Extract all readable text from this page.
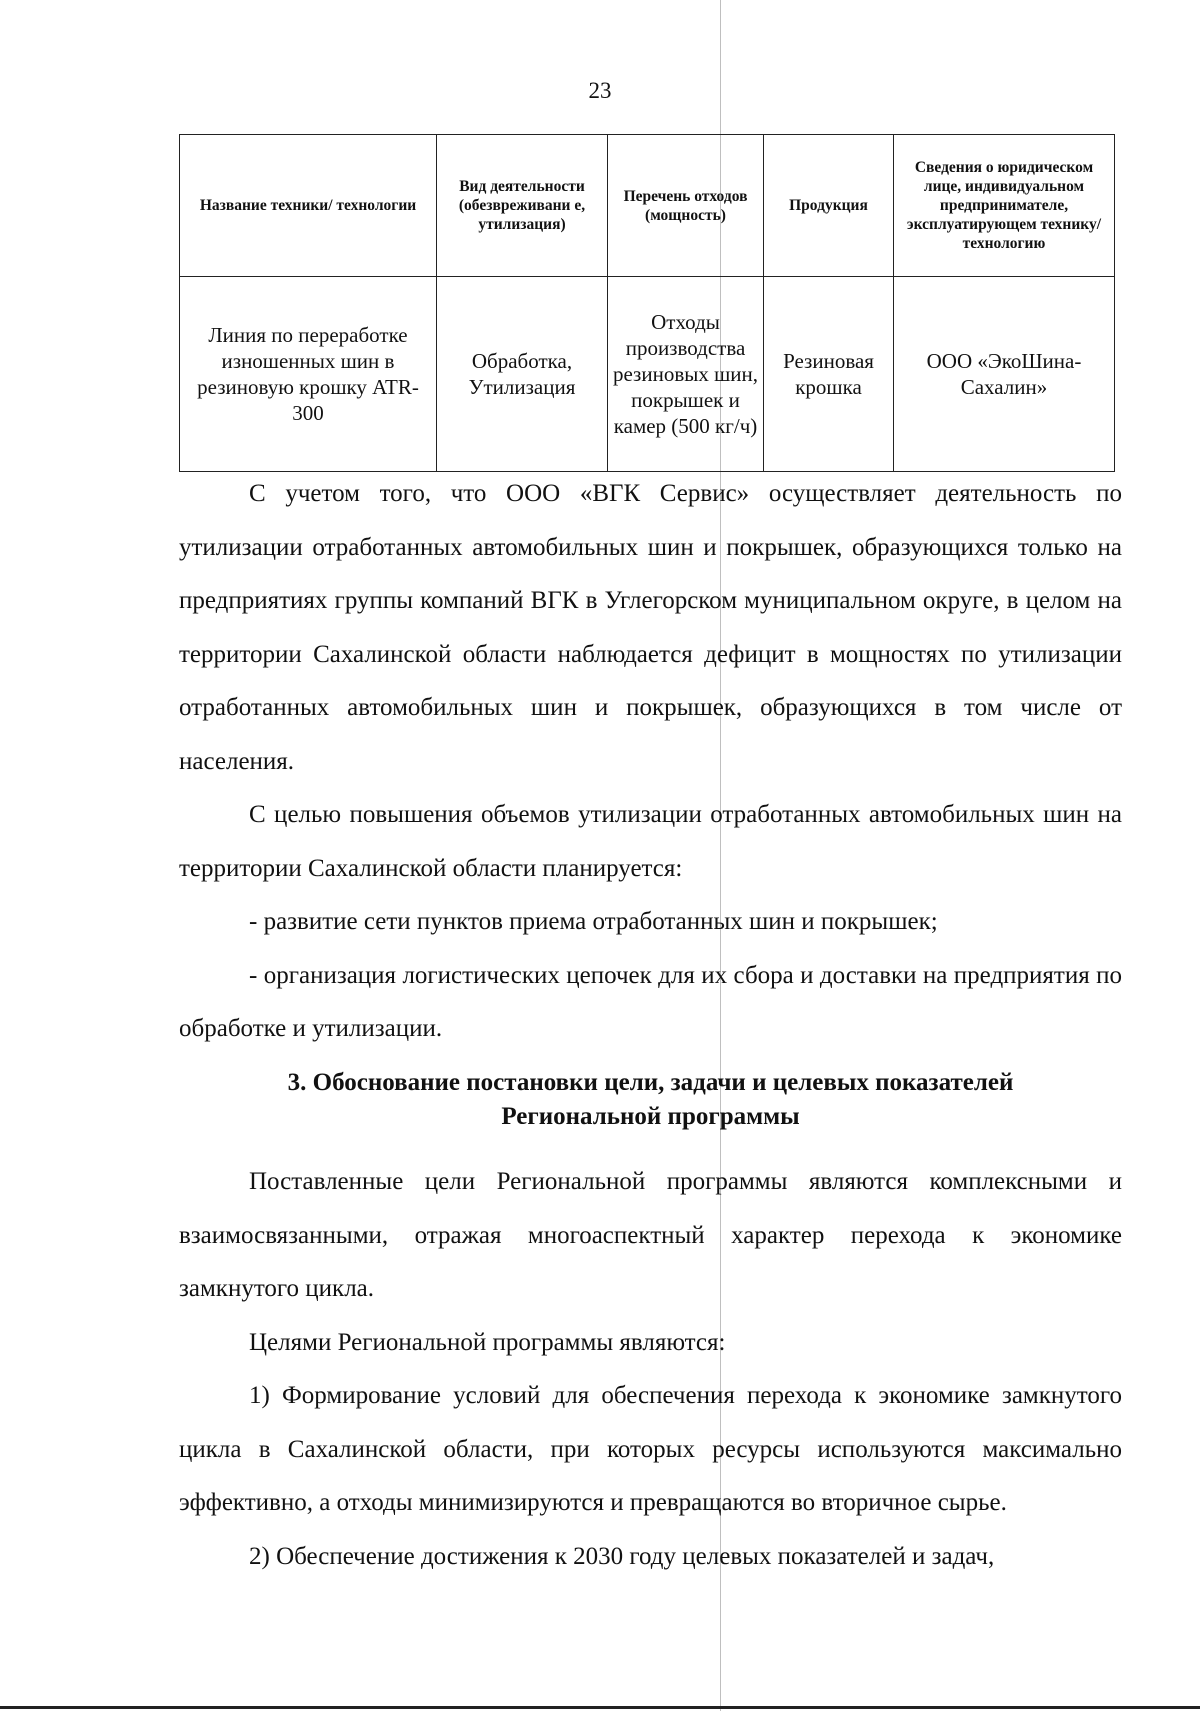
23
Название техники/ технологии	Вид деятельности (обезвреживани е, утилизация)	Перечень отходов (мощность)	Продукция	Сведения о юридическом лице, индивидуальном предпринимателе, эксплуатирующем технику/технологию
Линия по переработке изношенных шин в резиновую крошку ATR-300	Обработка, Утилизация	Отходы производства резиновых шин, покрышек и камер (500 кг/ч)	Резиновая крошка	ООО «ЭкоШина-Сахалин»

С учетом того, что ООО «ВГК Сервис» осуществляет деятельность по утилизации отработанных автомобильных шин и покрышек, образующихся только на предприятиях группы компаний ВГК в Углегорском муниципальном округе, в целом на территории Сахалинской области наблюдается дефицит в мощностях по утилизации отработанных автомобильных шин и покрышек, образующихся в том числе от населения.

С целью повышения объемов утилизации отработанных автомобильных шин на территории Сахалинской области планируется:

- развитие сети пунктов приема отработанных шин и покрышек;

- организация логистических цепочек для их сбора и доставки на предприятия по обработке и утилизации.

3. Обоснование постановки цели, задачи и целевых показателей
Региональной программы

Поставленные цели Региональной программы являются комплексными и взаимосвязанными, отражая многоаспектный характер перехода к экономике замкнутого цикла.

Целями Региональной программы являются:

1) Формирование условий для обеспечения перехода к экономике замкнутого цикла в Сахалинской области, при которых ресурсы используются максимально эффективно, а отходы минимизируются и превращаются во вторичное сырье.

2) Обеспечение достижения к 2030 году целевых показателей и задач,
